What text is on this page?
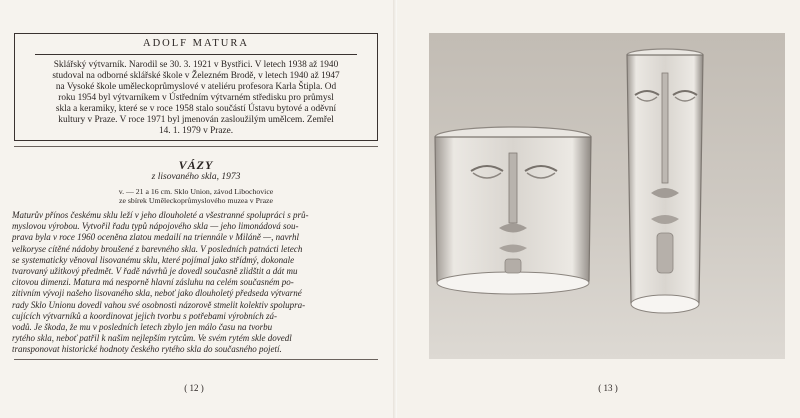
ADOLF MATURA
Sklářský výtvarník. Narodil se 30. 3. 1921 v Bystřici. V letech 1938 až 1940
studoval na odborné sklářské škole v Železném Brodě, v letech 1940 až 1947
na Vysoké škole uměleckoprůmyslové v ateliéru profesora Karla Štipla. Od
roku 1954 byl výtvarníkem v Ústředním výtvarném středisku pro průmysl
skla a keramiky, které se v roce 1958 stalo součástí Ústavu bytové a oděvní
kultury v Praze. V roce 1971 byl jmenován zasloužilým umělcem. Zemřel
14. 1. 1979 v Praze.
VÁZY
z lisovaného skla, 1973
v. — 21 a 16 cm. Sklo Union, závod Libochovice
ze sbírek Uměleckoprůmyslového muzea v Praze

Maturův přínos českému sklu leží v jeho dlouholeté a všestranné spolupráci s prů-

myslovou výrobou. Vytvořil řadu typů nápojového skla — jeho limonádová sou-

prava byla v roce 1960 oceněna zlatou medailí na triennále v Miláně —, navrhl

velkoryse cítěné nádoby broušené z barevného skla. V posledních patnácti letech

se systematicky věnoval lisovanému sklu, které pojímal jako střídmý, dokonale

tvarovaný užitkový předmět. V řadě návrhů je dovedl současně zlidštit a dát mu

citovou dimenzi. Matura má nesporně hlavní zásluhu na celém současném po-

zitivním vývoji našeho lisovaného skla, neboť jako dlouholetý předseda výtvarné

rady Sklo Unionu dovedl vahou své osobnosti názorově stmelit kolektiv spolupra-

cujících výtvarníků a koordinovat jejich tvorbu s potřebami výrobních zá-

vodů. Je škoda, že mu v posledních letech zbylo jen málo času na tvorbu

rytého skla, neboť patřil k našim nejlepším rytcům. Ve svém rytém skle dovedl

transponovat historické hodnoty českého rytého skla do současného pojetí.

( 12 )	( 13 )
